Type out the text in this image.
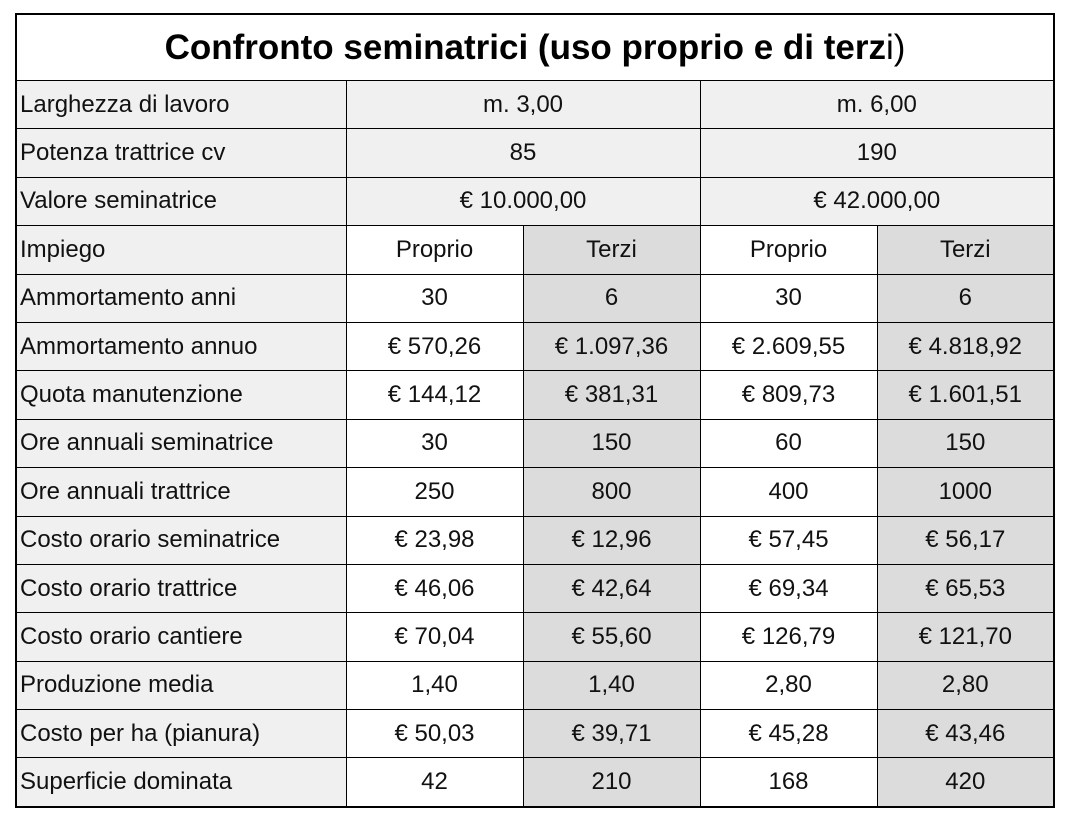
Confronto seminatrici (uso proprio e di terz i)
Larghezza di lavoro	m. 3,00		m. 6,00	
Potenza trattrice cv	85		190	
Valore seminatrice	€ 10.000,00		€ 42.000,00	
Impiego	Proprio	Terzi	Proprio	Terzi
Ammortamento anni	30	6	30	6
Ammortamento annuo	€ 570,26	€ 1.097,36	€ 2.609,55	€ 4.818,92
Quota manutenzione	€ 144,12	€ 381,31	€ 809,73	€ 1.601,51
Ore annuali seminatrice	30	150	60	150
Ore annuali trattrice	250	800	400	1000
Costo orario seminatrice	€ 23,98	€ 12,96	€ 57,45	€ 56,17
Costo orario trattrice	€ 46,06	€ 42,64	€ 69,34	€ 65,53
Costo orario cantiere	€ 70,04	€ 55,60	€ 126,79	€ 121,70
Produzione media	1,40	1,40	2,80	2,80
Costo per ha (pianura)	€ 50,03	€ 39,71	€ 45,28	€ 43,46
Superficie dominata	42	210	168	420
